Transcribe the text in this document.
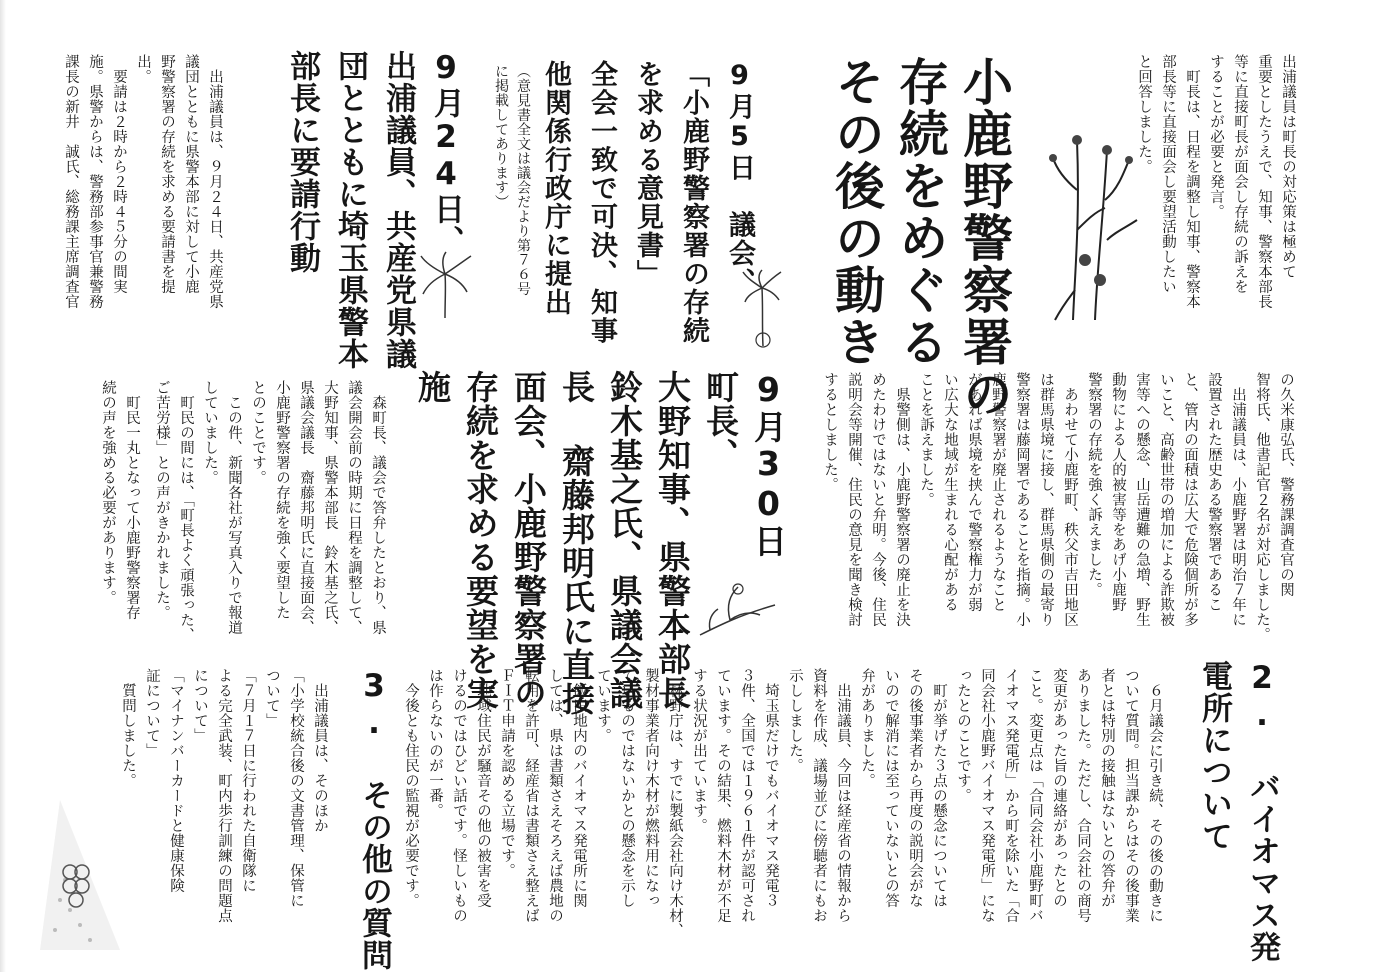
出浦議員は町長の対応策は極めて
重要としたうえで、知事、警察本部長
等に直接町長が面会し存続の訴えを
することが必要と発言。
　町長は、日程を調整し知事、警察本
部長等に直接面会し要望活動したい
と回答しました。
小鹿野警察署の
存続をめぐる
その後の動き
9月5日　議会、
「小鹿野警察署の存続
を求める意見書」
全会一致で可決、知事
他関係行政庁に提出
（意見書全文は議会だより第７６号
に掲載してあります）
9月24日、
出浦議員、共産党県議
団とともに埼玉県警本
部長に要請行動
　出浦議員は、９月２４日、共産党県
議団とともに県警本部に対して小鹿
野警察署の存続を求める要請書を提
出。
　要請は２時から２時４５分の間実
施。県警からは、警務部参事官兼警務
課長の新井　誠氏、総務課主席調査官
の久米康弘氏、警務課調査官の関
智将氏、他書記官２名が対応しました。
　出浦議員は、小鹿野署は明治７年に
設置された歴史ある警察署であるこ
と、管内の面積は広大で危険個所が多
いこと、高齢世帯の増加による詐欺被
害等への懸念、山岳遭難の急増、野生
動物による人的被害等をあげ小鹿野
警察署の存続を強く訴えました。
　あわせて小鹿野町、秩父市吉田地区
は群馬県境に接し、群馬県側の最寄り
警察署は藤岡署であることを指摘。小
鹿野警察署が廃止されるようなこと
があれば県境を挟んで警察権力が弱
い広大な地域が生まれる心配がある
ことを訴えました。
　県警側は、小鹿野警察署の廃止を決
めたわけではないと弁明。今後、住民
説明会等開催、住民の意見を聞き検討
するとしました。
9月30日
町長、
大野知事、県警本部長
鈴木基之氏、県議会議
長 齋藤邦明氏に直接
面会、小鹿野警察署の
存続を求める要望を実
施
　森町長、議会で答弁したとおり、県
議会開会前の時期に日程を調整して、
大野知事、県警本部長　鈴木基之氏、
県議会議長　齋藤邦明氏に直接面会、
小鹿野警察署の存続を強く要望した
とのことです。
　この件、新聞各社が写真入りで報道
していました。
　町民の間には、「町長よく頑張った、
ご苦労様」との声がきかれました。
　町民一丸となって小鹿野警察署存
続の声を強める必要があります。
2. バイオマス発
電所について
　６月議会に引き続、その後の動きに
ついて質問。担当課からはその後事業
者とは特別の接触はないとの答弁が
ありました。ただし、合同会社の商号
変更があった旨の連絡があったとの
こと。変更点は「合同会社小鹿野町バ
イオマス発電所」から町を除いた「合
同会社小鹿野バイオマス発電所」にな
ったとのことです。
　町が挙げた３点の懸念については
その後事業者から再度の説明会がな
いので解消には至っていないとの答
弁がありました。
　出浦議員、今回は経産省の情報から
資料を作成、議場並びに傍聴者にもお
示ししました。
　埼玉県だけでもバイオマス発電３
３件、全国では１９６１件が認可され
ています。その結果、燃料木材が不足
する状況が出ています。
　林野庁は、すでに製紙会社向け木材、
製材事業者向け木材が燃料用になっ
ているのではないかとの懸念を示し
ています。
　飯田地内のバイオマス発電所に関
しては、県は書類さえそろえば農地の
転用を許可、経産省は書類さえ整えば
ＦＩＴ申請を認める立場です。
　地域住民が騒音その他の被害を受
けるのではひどい話です。怪しいもの
は作らないのが一番。
　今後とも住民の監視が必要です。
3. その他の質問
　出浦議員は、そのほか
「小学校統合後の文書管理、保管に
ついて」
「７月１７日に行われた自衛隊に
よる完全武装、町内歩行訓練の問題点
について」
「マイナンバーカードと健康保険
証について」
　質問しました。
